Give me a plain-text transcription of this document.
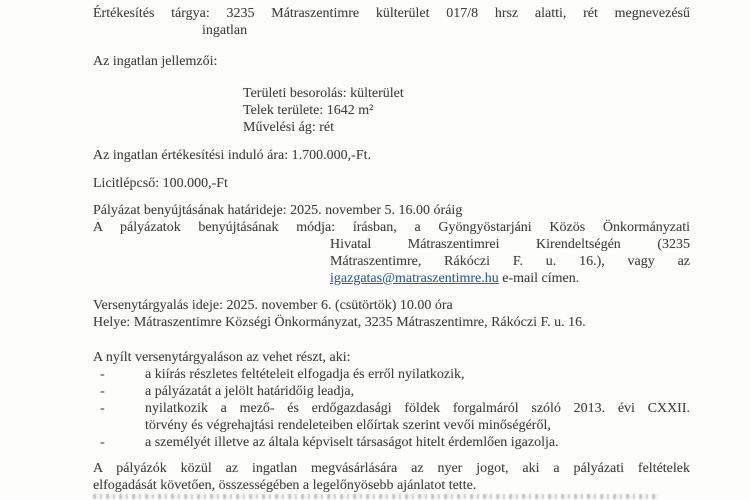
Értékesítés tárgya: 3235 Mátraszentimre külterület 017/8 hrsz alatti, rét megnevezésű
ingatlan
Az ingatlan jellemzői:
Területi besorolás: külterület
Telek területe: 1642 m²
Művelési ág: rét
Az ingatlan értékesítési induló ára: 1.700.000,-Ft.
Licitlépcső: 100.000,-Ft
Pályázat benyújtásának határideje: 2025. november 5. 16.00 óráig
A pályázatok benyújtásának módja: írásban, a Gyöngyöstarjáni Közös Önkormányzati
Hivatal Mátraszentimrei Kirendeltségén (3235
Mátraszentimre, Rákóczi F. u. 16.), vagy az
igazgatas@matraszentimre.hu e-mail címen.
Versenytárgyalás ideje: 2025. november 6. (csütörtök) 10.00 óra
Helye: Mátraszentimre Községi Önkormányzat, 3235 Mátraszentimre, Rákóczi F. u. 16.
A nyílt versenytárgyaláson az vehet részt, aki:
-	a kiírás részletes feltételeit elfogadja és erről nyilatkozik,
-	a pályázatát a jelölt határidőig leadja,
-	nyilatkozik a mező- és erdőgazdasági földek forgalmáról szóló 2013. évi CXXII.
törvény és végrehajtási rendeleteiben előírtak szerint vevői minőségéről,
-	a személyét illetve az általa képviselt társaságot hitelt érdemlően igazolja.
A pályázók közül az ingatlan megvásárlására az nyer jogot, aki a pályázati feltételek
elfogadását követően, összességében a legelőnyösebb ajánlatot tette.
